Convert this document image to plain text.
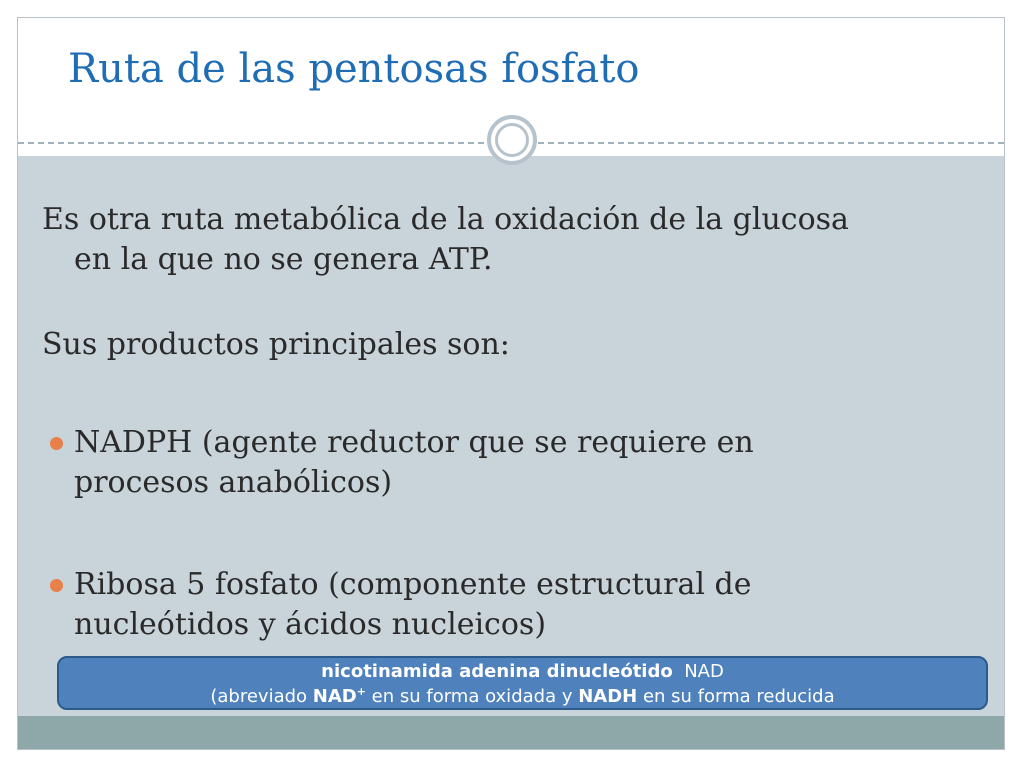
Ruta de las pentosas fosfato

Es otra ruta metabólica de la oxidación de la glucosa
en la que no se genera ATP.

Sus productos principales son:

NADPH (agente reductor que se requiere en
procesos anabólicos)
Ribosa 5 fosfato (componente estructural de
nucleótidos y ácidos nucleicos)
nicotinamida adenina dinucleótido NAD
(abreviado NAD+ en su forma oxidada y NADH en su forma reducida
